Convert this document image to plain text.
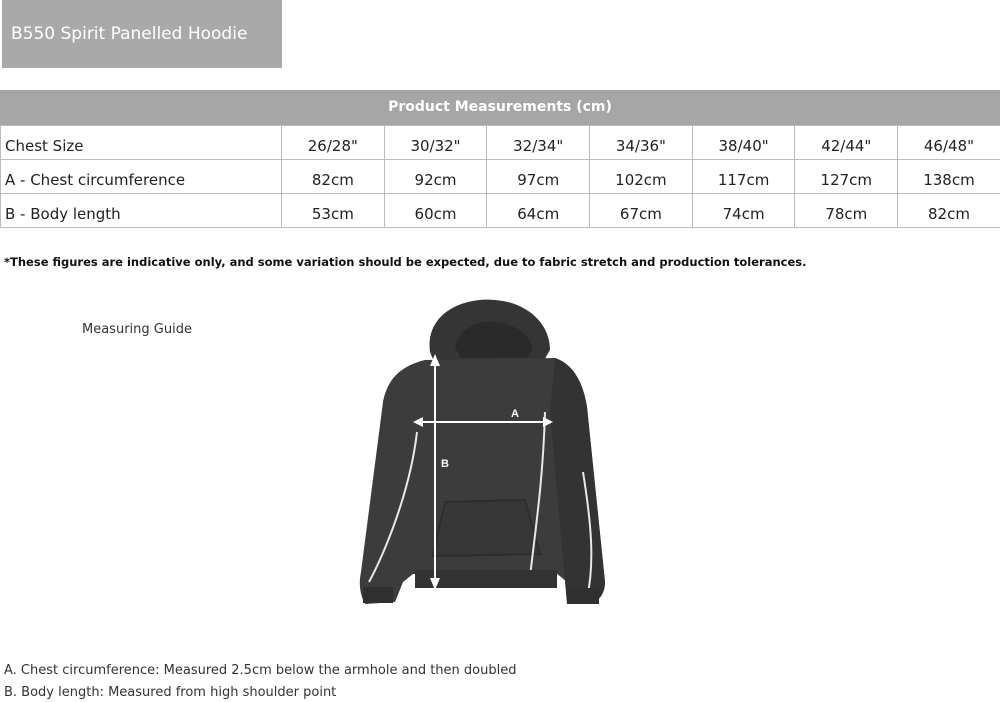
B550 Spirit Panelled Hoodie
Product Measurements (cm)
Chest Size	26/28"	30/32"	32/34"	34/36"	38/40"	42/44"	46/48"
A - Chest circumference	82cm	92cm	97cm	102cm	117cm	127cm	138cm
B - Body length	53cm	60cm	64cm	67cm	74cm	78cm	82cm
*These figures are indicative only, and some variation should be expected, due to fabric stretch and production tolerances.
Measuring Guide
A
B
A. Chest circumference: Measured 2.5cm below the armhole and then doubled
B. Body length: Measured from high shoulder point
